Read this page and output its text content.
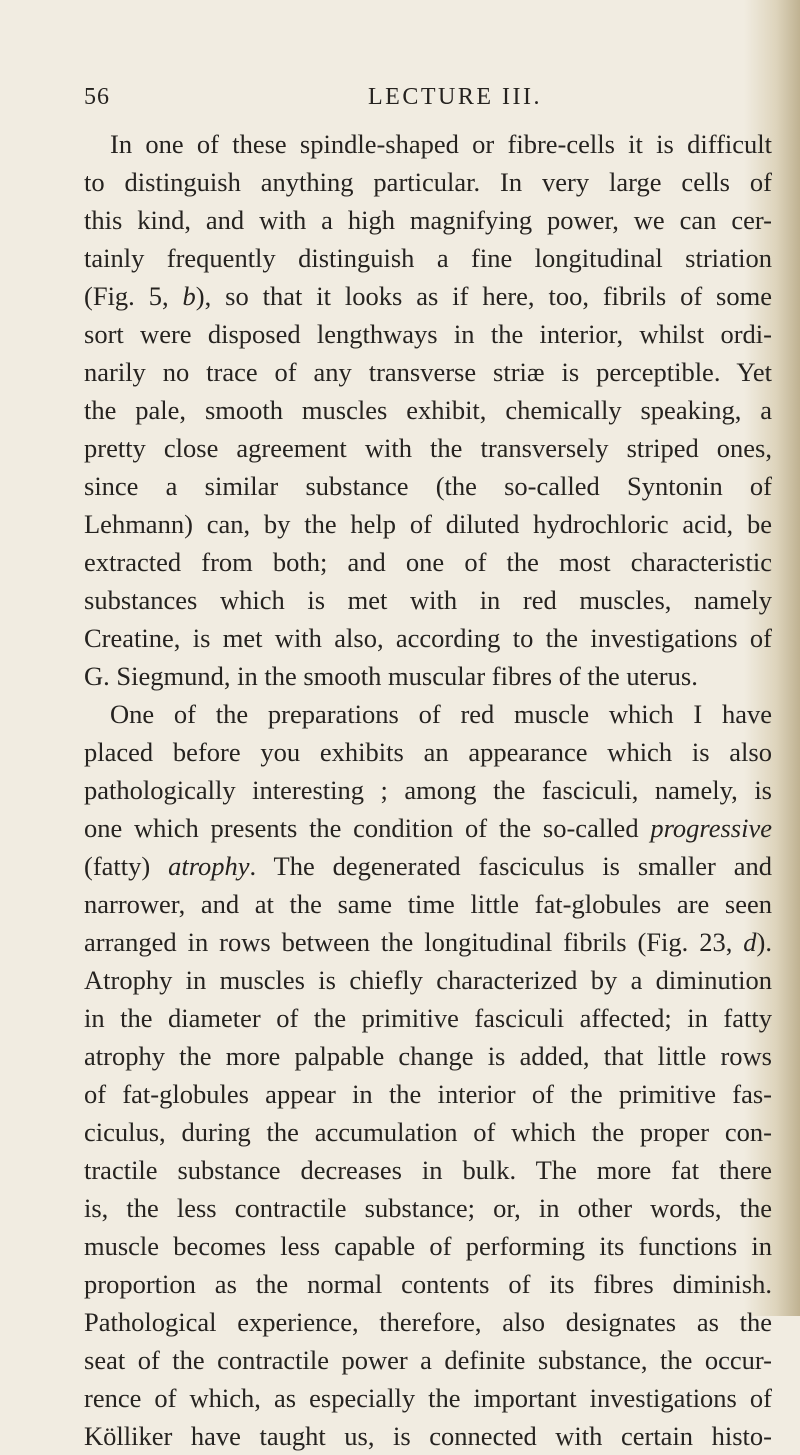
56	LECTURE III.
In one of these spindle-shaped or fibre-cells it is difficult
to distinguish anything particular. In very large cells of
this kind, and with a high magnifying power, we can cer-
tainly frequently distinguish a fine longitudinal striation
(Fig. 5, b), so that it looks as if here, too, fibrils of some
sort were disposed lengthways in the interior, whilst ordi-
narily no trace of any transverse striæ is perceptible. Yet
the pale, smooth muscles exhibit, chemically speaking, a
pretty close agreement with the transversely striped ones,
since a similar substance (the so-called Syntonin of
Lehmann) can, by the help of diluted hydrochloric acid, be
extracted from both; and one of the most characteristic
substances which is met with in red muscles, namely
Creatine, is met with also, according to the investigations of
G. Siegmund, in the smooth muscular fibres of the uterus.
One of the preparations of red muscle which I have
placed before you exhibits an appearance which is also
pathologically interesting ; among the fasciculi, namely, is
one which presents the condition of the so-called progressive
(fatty) atrophy. The degenerated fasciculus is smaller and
narrower, and at the same time little fat-globules are seen
arranged in rows between the longitudinal fibrils (Fig. 23, d).
Atrophy in muscles is chiefly characterized by a diminution
in the diameter of the primitive fasciculi affected; in fatty
atrophy the more palpable change is added, that little rows
of fat-globules appear in the interior of the primitive fas-
ciculus, during the accumulation of which the proper con-
tractile substance decreases in bulk. The more fat there
is, the less contractile substance; or, in other words, the
muscle becomes less capable of performing its functions in
proportion as the normal contents of its fibres diminish.
Pathological experience, therefore, also designates as the
seat of the contractile power a definite substance, the occur-
rence of which, as especially the important investigations of
Kölliker have taught us, is connected with certain histo-
